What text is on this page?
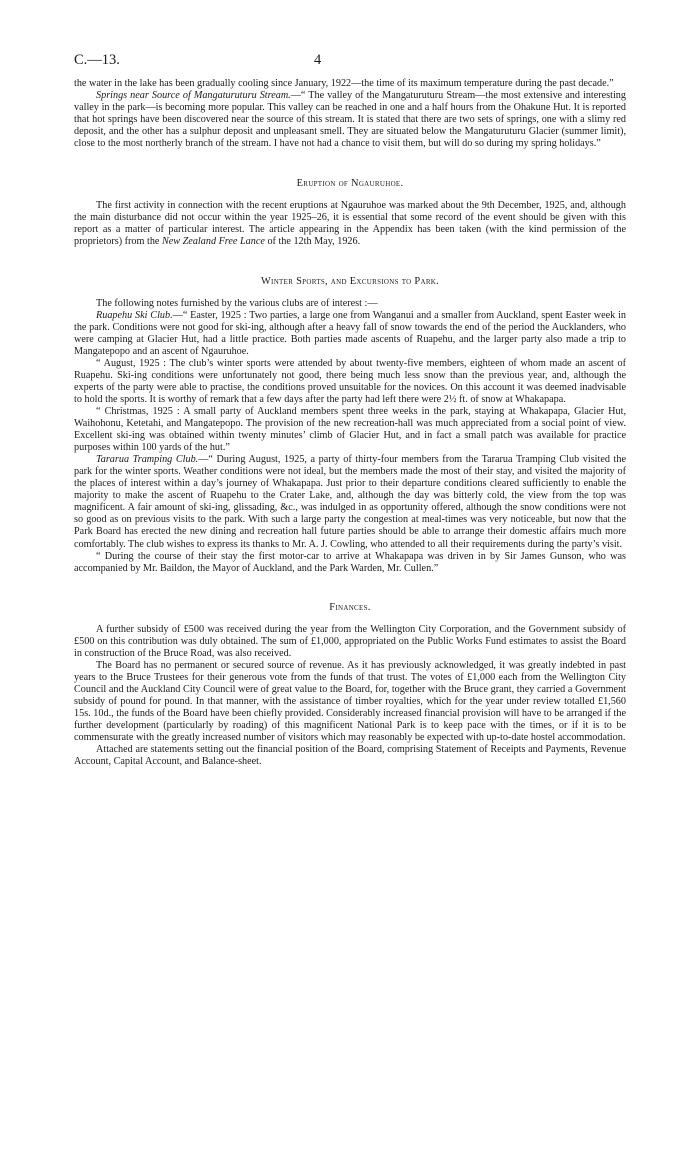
C.—13.	4

the water in the lake has been gradually cooling since January, 1922—the time of its maximum temperature during the past decade.”

Springs near Source of Mangaturuturu Stream.—“ The valley of the Mangaturuturu Stream—the most extensive and interesting valley in the park—is becoming more popular. This valley can be reached in one and a half hours from the Ohakune Hut. It is reported that hot springs have been discovered near the source of this stream. It is stated that there are two sets of springs, one with a slimy red deposit, and the other has a sulphur deposit and unpleasant smell. They are situated below the Mangaturuturu Glacier (summer limit), close to the most northerly branch of the stream. I have not had a chance to visit them, but will do so during my spring holidays.”

Eruption of Ngauruhoe.

The first activity in connection with the recent eruptions at Ngauruhoe was marked about the 9th December, 1925, and, although the main disturbance did not occur within the year 1925–26, it is essential that some record of the event should be given with this report as a matter of particular interest. The article appearing in the Appendix has been taken (with the kind permission of the proprietors) from the New Zealand Free Lance of the 12th May, 1926.

Winter Sports, and Excursions to Park.

The following notes furnished by the various clubs are of interest :—

Ruapehu Ski Club.—“ Easter, 1925 : Two parties, a large one from Wanganui and a smaller from Auckland, spent Easter week in the park. Conditions were not good for ski-ing, although after a heavy fall of snow towards the end of the period the Aucklanders, who were camping at Glacier Hut, had a little practice. Both parties made ascents of Ruapehu, and the larger party also made a trip to Mangatepopo and an ascent of Ngauruhoe.

“ August, 1925 : The club’s winter sports were attended by about twenty-five members, eighteen of whom made an ascent of Ruapehu. Ski-ing conditions were unfortunately not good, there being much less snow than the previous year, and, although the experts of the party were able to practise, the conditions proved unsuitable for the novices. On this account it was deemed inadvisable to hold the sports. It is worthy of remark that a few days after the party had left there were 2½ ft. of snow at Whakapapa.

“ Christmas, 1925 : A small party of Auckland members spent three weeks in the park, staying at Whakapapa, Glacier Hut, Waihohonu, Ketetahi, and Mangatepopo. The provision of the new recreation-hall was much appreciated from a social point of view. Excellent ski-ing was obtained within twenty minutes’ climb of Glacier Hut, and in fact a small patch was available for practice purposes within 100 yards of the hut.”

Tararua Tramping Club.—“ During August, 1925, a party of thirty-four members from the Tararua Tramping Club visited the park for the winter sports. Weather conditions were not ideal, but the members made the most of their stay, and visited the majority of the places of interest within a day’s journey of Whakapapa. Just prior to their departure conditions cleared sufficiently to enable the majority to make the ascent of Ruapehu to the Crater Lake, and, although the day was bitterly cold, the view from the top was magnificent. A fair amount of ski-ing, glissading, &c., was indulged in as opportunity offered, although the snow conditions were not so good as on previous visits to the park. With such a large party the congestion at meal-times was very noticeable, but now that the Park Board has erected the new dining and recreation hall future parties should be able to arrange their domestic affairs much more comfortably. The club wishes to express its thanks to Mr. A. J. Cowling, who attended to all their requirements during the party’s visit.

“ During the course of their stay the first motor-car to arrive at Whakapapa was driven in by Sir James Gunson, who was accompanied by Mr. Baildon, the Mayor of Auckland, and the Park Warden, Mr. Cullen.”

Finances.

A further subsidy of £500 was received during the year from the Wellington City Corporation, and the Government subsidy of £500 on this contribution was duly obtained. The sum of £1,000, appropriated on the Public Works Fund estimates to assist the Board in construction of the Bruce Road, was also received.

The Board has no permanent or secured source of revenue. As it has previously acknowledged, it was greatly indebted in past years to the Bruce Trustees for their generous vote from the funds of that trust. The votes of £1,000 each from the Wellington City Council and the Auckland City Council were of great value to the Board, for, together with the Bruce grant, they carried a Government subsidy of pound for pound. In that manner, with the assistance of timber royalties, which for the year under review totalled £1,560 15s. 10d., the funds of the Board have been chiefly provided. Considerably increased financial provision will have to be arranged if the further development (particularly by roading) of this magnificent National Park is to keep pace with the times, or if it is to be commensurate with the greatly increased number of visitors which may reasonably be expected with up-to-date hostel accommodation.

Attached are statements setting out the financial position of the Board, comprising Statement of Receipts and Payments, Revenue Account, Capital Account, and Balance-sheet.
